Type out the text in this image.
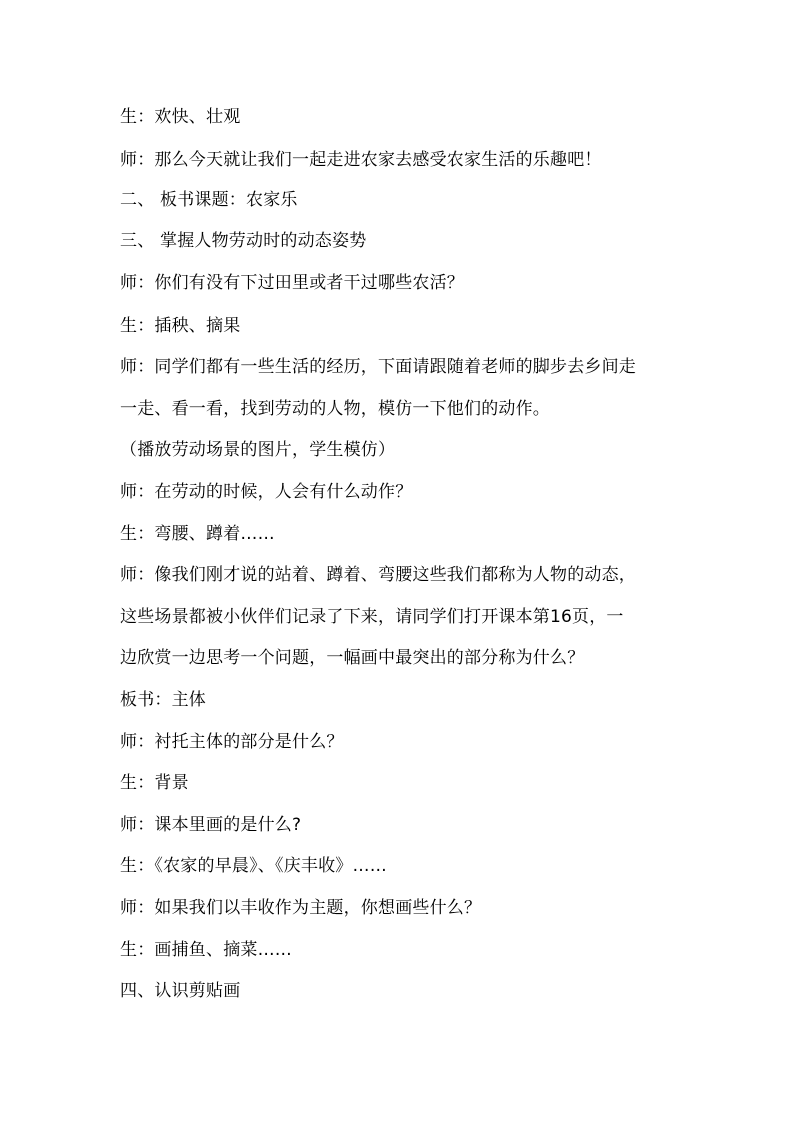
生：欢快、壮观
师：那么今天就让我们一起走进农家去感受农家生活的乐趣吧！
二、 板书课题：农家乐
三、 掌握人物劳动时的动态姿势
师：你们有没有下过田里或者干过哪些农活？
生：插秧、摘果
师：同学们都有一些生活的经历，下面请跟随着老师的脚步去乡间走
一走、看一看，找到劳动的人物，模仿一下他们的动作。
（播放劳动场景的图片，学生模仿）
师：在劳动的时候，人会有什么动作？
生：弯腰、蹲着……
师：像我们刚才说的站着、蹲着、弯腰这些我们都称为人物的动态，
这些场景都被小伙伴们记录了下来，请同学们打开课本第16页，一
边欣赏一边思考一个问题，一幅画中最突出的部分称为什么？
板书：主体
师：衬托主体的部分是什么？
生：背景
师：课本里画的是什么?
生：《农家的早晨》、《庆丰收》……
师：如果我们以丰收作为主题，你想画些什么？
生：画捕鱼、摘菜……
四、认识剪贴画
